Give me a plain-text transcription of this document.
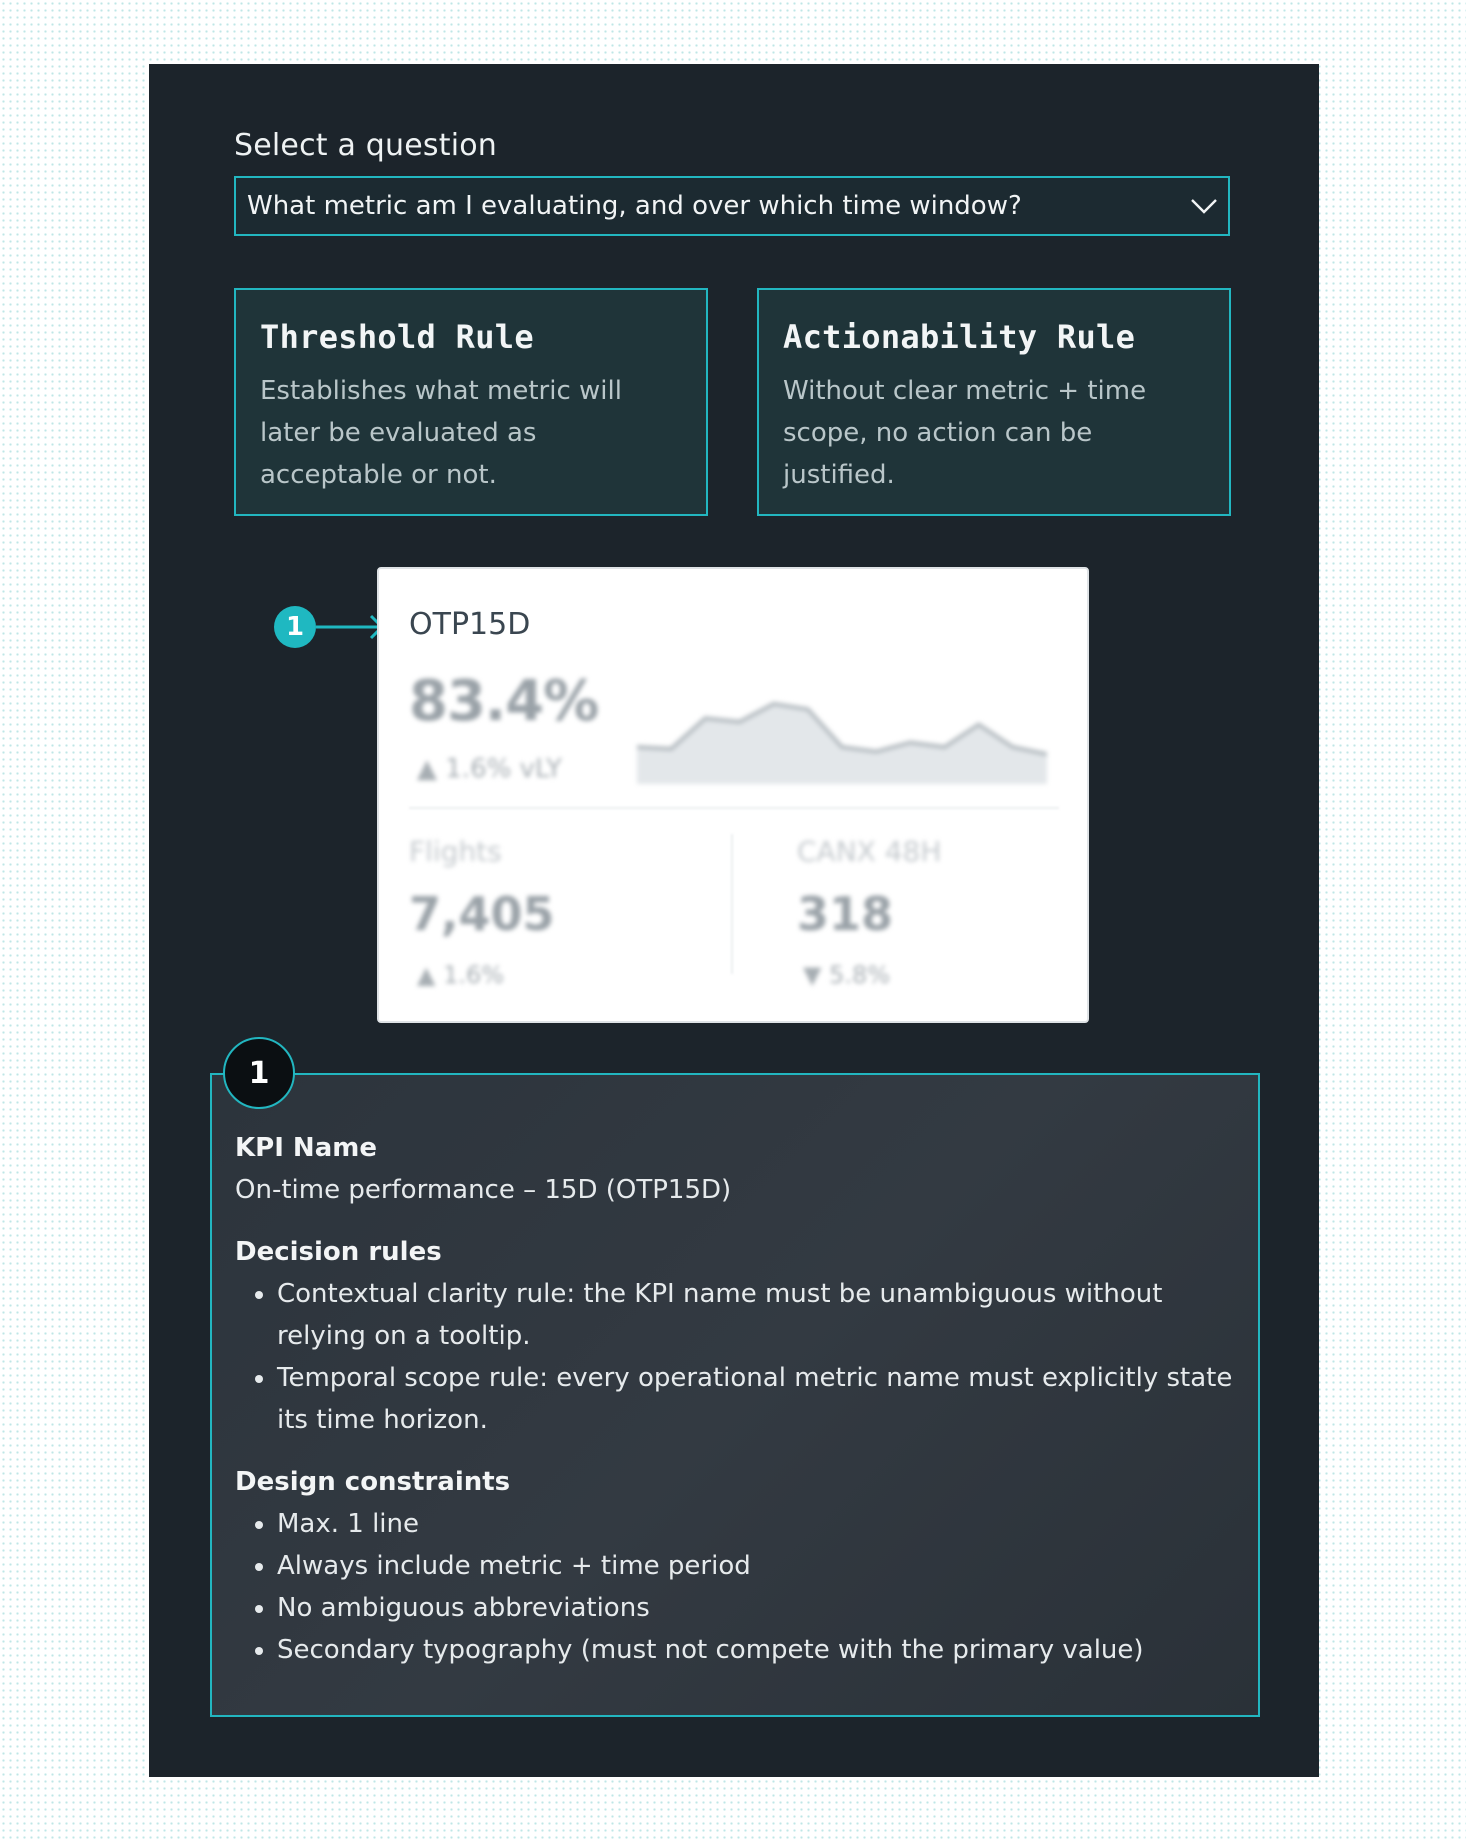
Select a question
What metric am I evaluating, and over which time window?
Threshold Rule
Establishes what metric will later be evaluated as acceptable or not.
Actionability Rule
Without clear metric + time scope, no action can be justified.
1	OTP15D
83.4%
▲ 1.6% vLY
Flights
7,405
▲ 1.6%
CANX 48H
318
▼ 5.8%
KPI Name

On-time performance – 15D (OTP15D)

Decision rules
• Contextual clarity rule: the KPI name must be unambiguous without relying on a tooltip.
• Temporal scope rule: every operational metric name must explicitly state its time horizon.
Design constraints
• Max. 1 line
• Always include metric + time period
• No ambiguous abbreviations
• Secondary typography (must not compete with the primary value)
1
